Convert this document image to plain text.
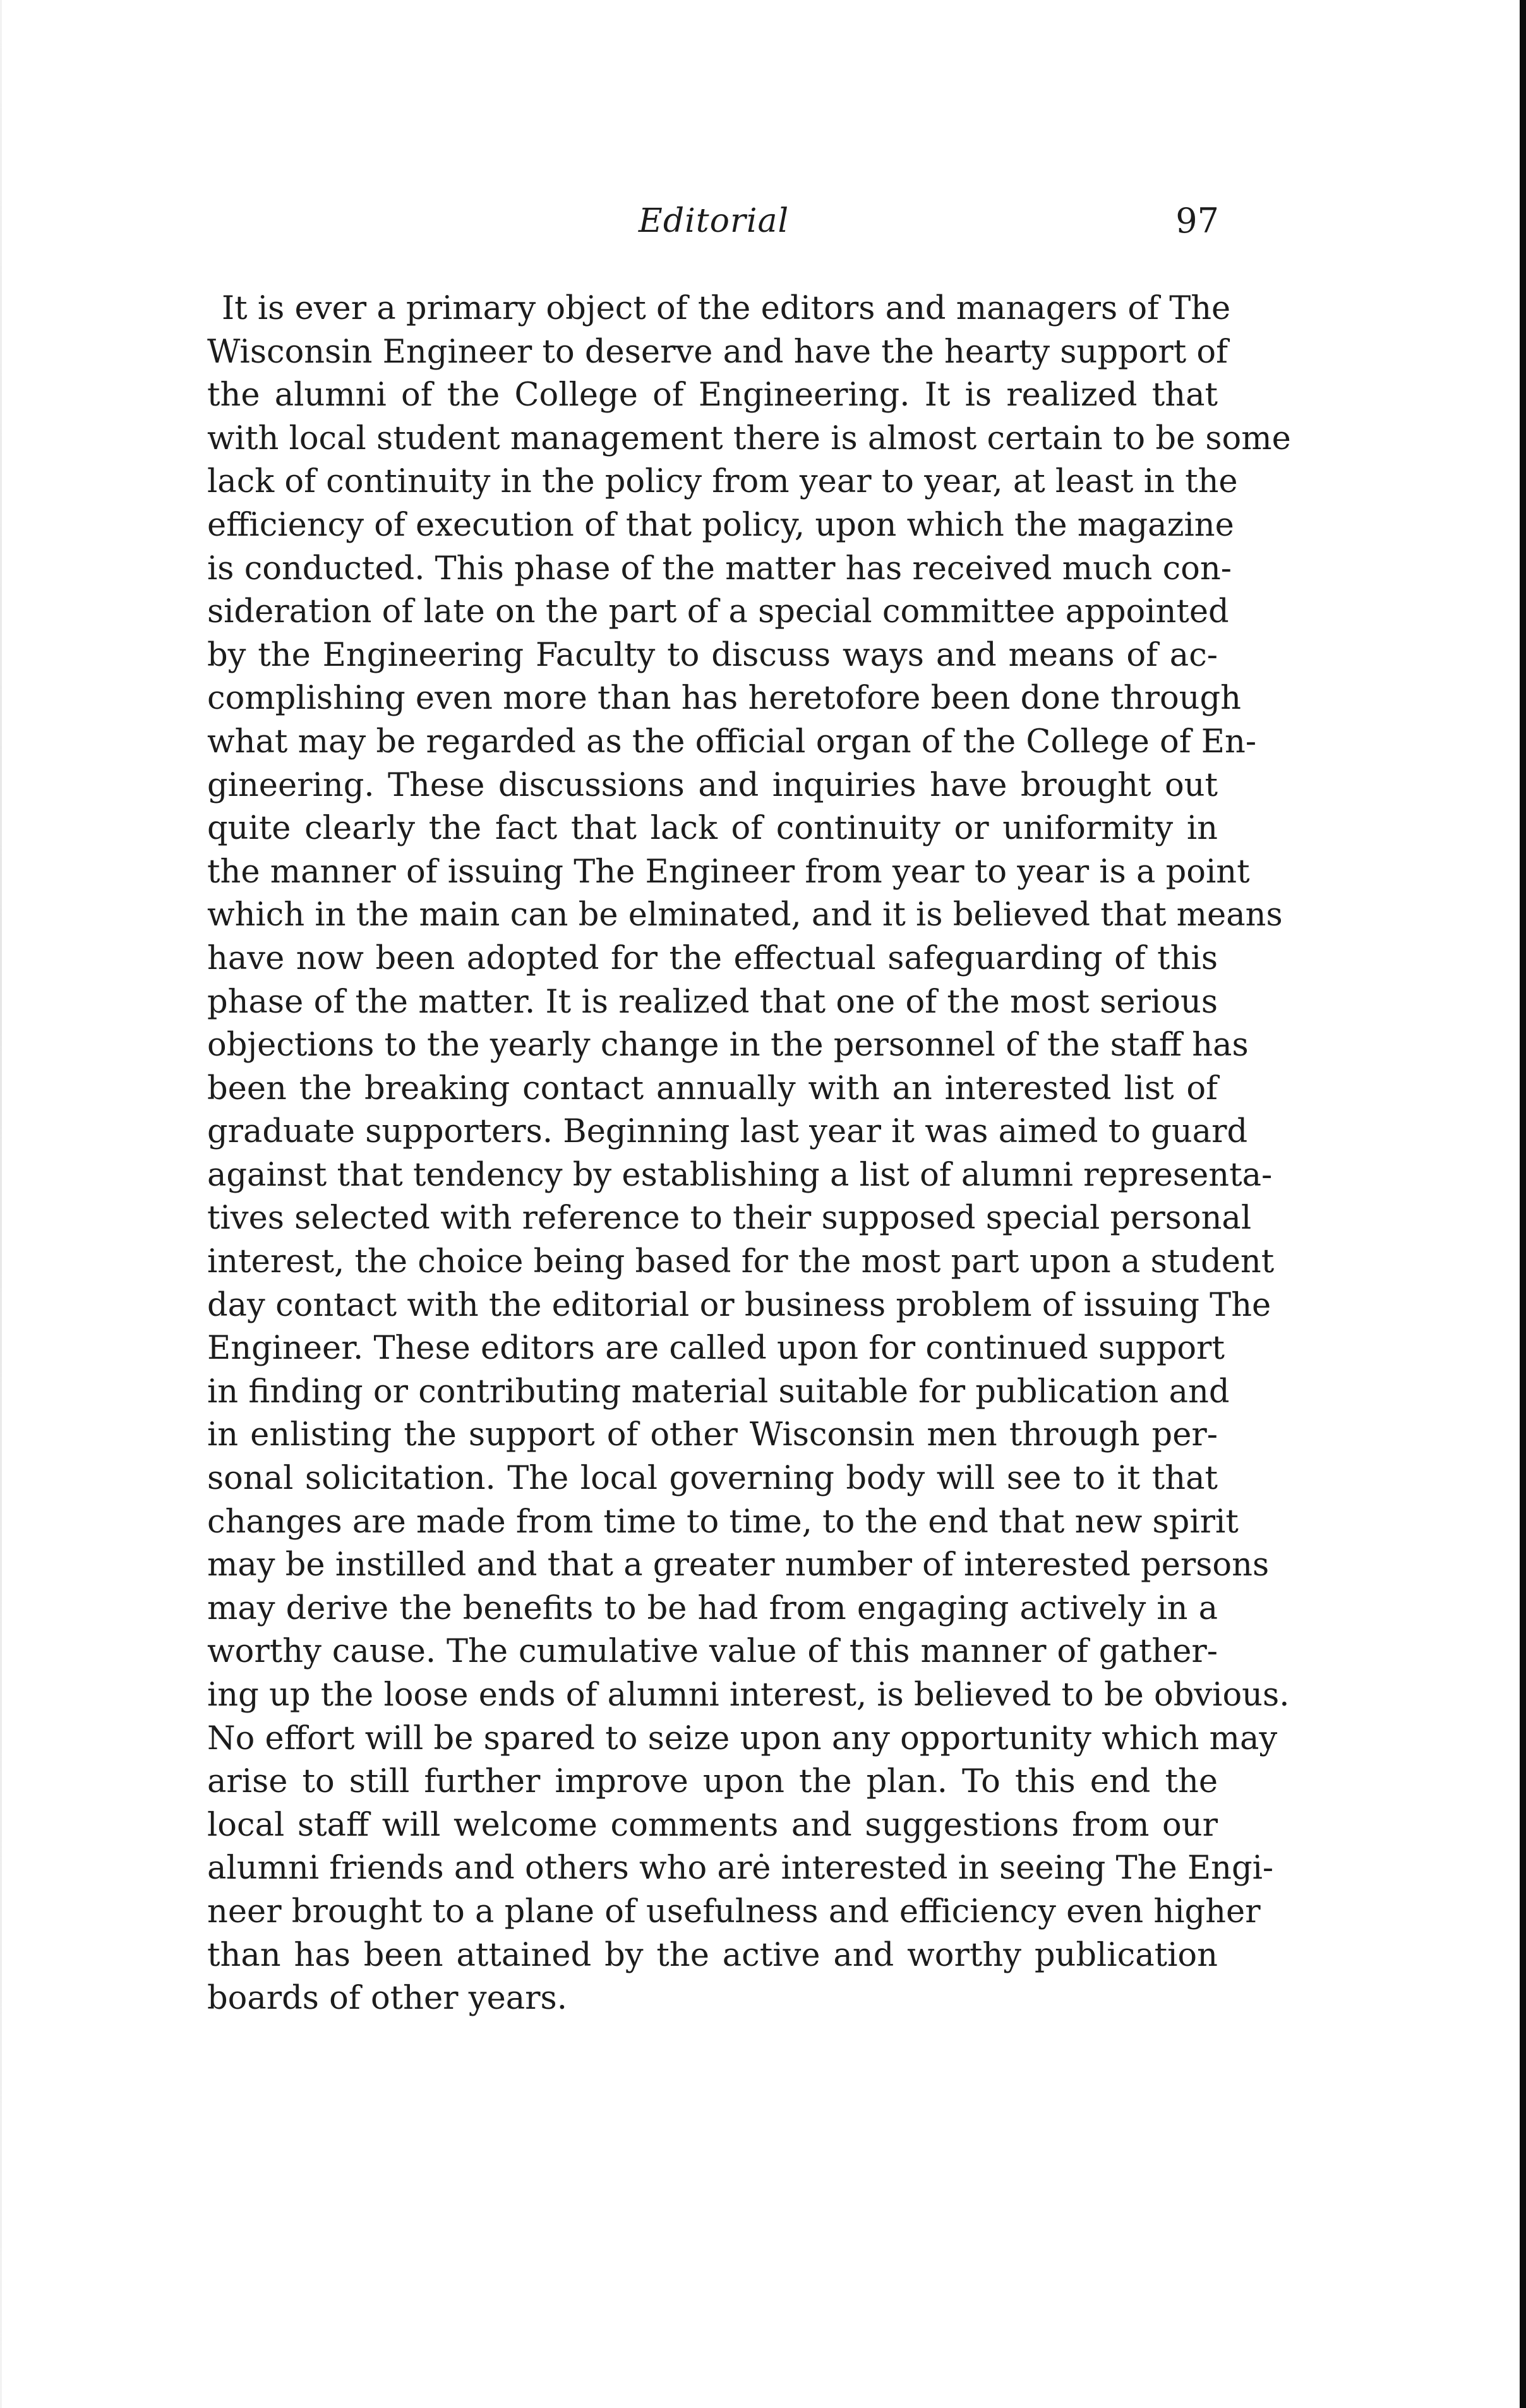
Editorial	97
It is ever a primary object of the editors and managers of The
Wisconsin Engineer to deserve and have the hearty support of
the alumni of the College of Engineering. It is realized that
with local student management there is almost certain to be some
lack of continuity in the policy from year to year, at least in the
efficiency of execution of that policy, upon which the magazine
is conducted. This phase of the matter has received much con-
sideration of late on the part of a special committee appointed
by the Engineering Faculty to discuss ways and means of ac-
complishing even more than has heretofore been done through
what may be regarded as the official organ of the College of En-
gineering. These discussions and inquiries have brought out
quite clearly the fact that lack of continuity or uniformity in
the manner of issuing The Engineer from year to year is a point
which in the main can be elminated, and it is believed that means
have now been adopted for the effectual safeguarding of this
phase of the matter. It is realized that one of the most serious
objections to the yearly change in the personnel of the staff has
been the breaking contact annually with an interested list of
graduate supporters. Beginning last year it was aimed to guard
against that tendency by establishing a list of alumni representa-
tives selected with reference to their supposed special personal
interest, the choice being based for the most part upon a student
day contact with the editorial or business problem of issuing The
Engineer. These editors are called upon for continued support
in finding or contributing material suitable for publication and
in enlisting the support of other Wisconsin men through per-
sonal solicitation. The local governing body will see to it that
changes are made from time to time, to the end that new spirit
may be instilled and that a greater number of interested persons
may derive the benefits to be had from engaging actively in a
worthy cause. The cumulative value of this manner of gather-
ing up the loose ends of alumni interest, is believed to be obvious.
No effort will be spared to seize upon any opportunity which may
arise to still further improve upon the plan. To this end the
local staff will welcome comments and suggestions from our
alumni friends and others who arė interested in seeing The Engi-
neer brought to a plane of usefulness and efficiency even higher
than has been attained by the active and worthy publication
boards of other years.
